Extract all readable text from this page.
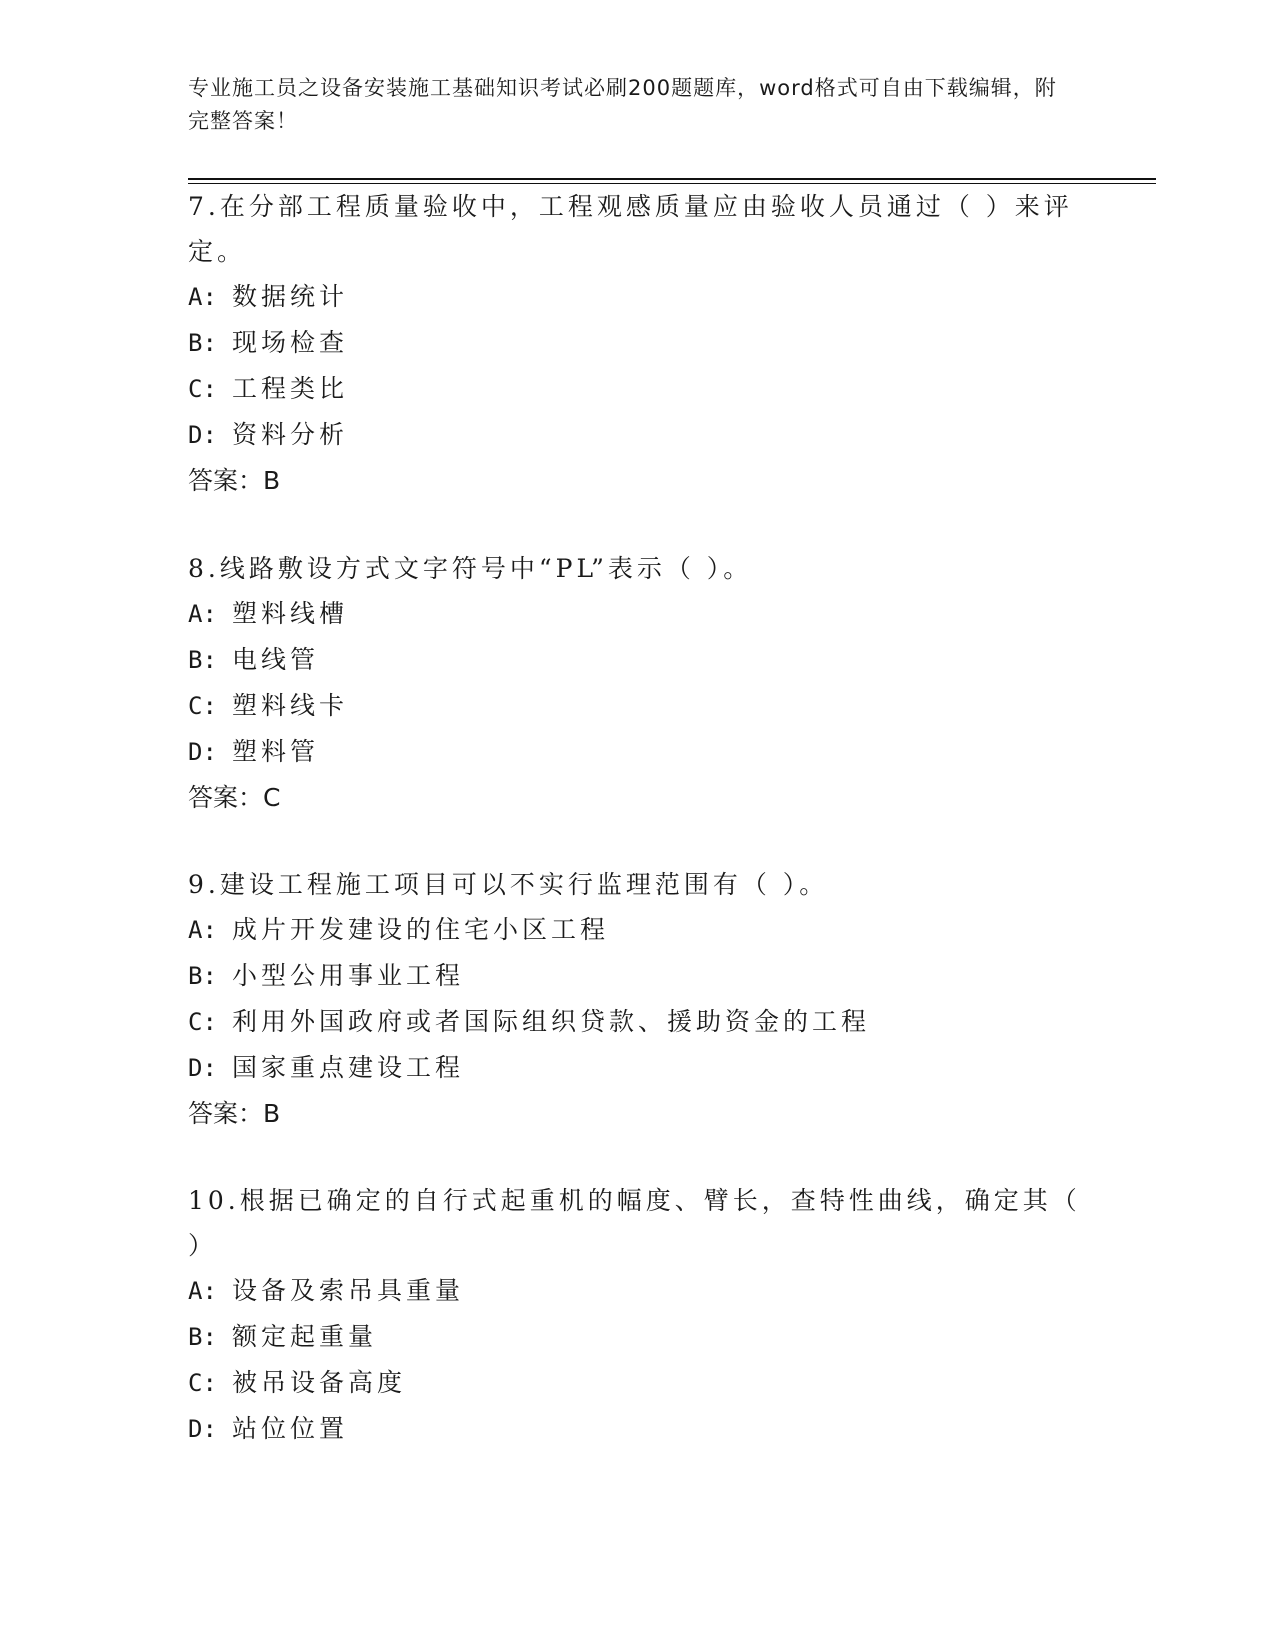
专业施工员之设备安装施工基础知识考试必刷200题题库，word格式可自由下载编辑，附完整答案！

7.在分部工程质量验收中，工程观感质量应由验收人员通过（ ）来评定。

A: 数据统计

B: 现场检查

C: 工程类比

D: 资料分析

答案：B

8.线路敷设方式文字符号中“PL”表示（ ）。

A: 塑料线槽

B: 电线管

C: 塑料线卡

D: 塑料管

答案：C

9.建设工程施工项目可以不实行监理范围有（ ）。

A: 成片开发建设的住宅小区工程

B: 小型公用事业工程

C: 利用外国政府或者国际组织贷款、援助资金的工程

D: 国家重点建设工程

答案：B

10.根据已确定的自行式起重机的幅度、臂长，查特性曲线，确定其（ ）

A: 设备及索吊具重量

B: 额定起重量

C: 被吊设备高度

D: 站位位置
